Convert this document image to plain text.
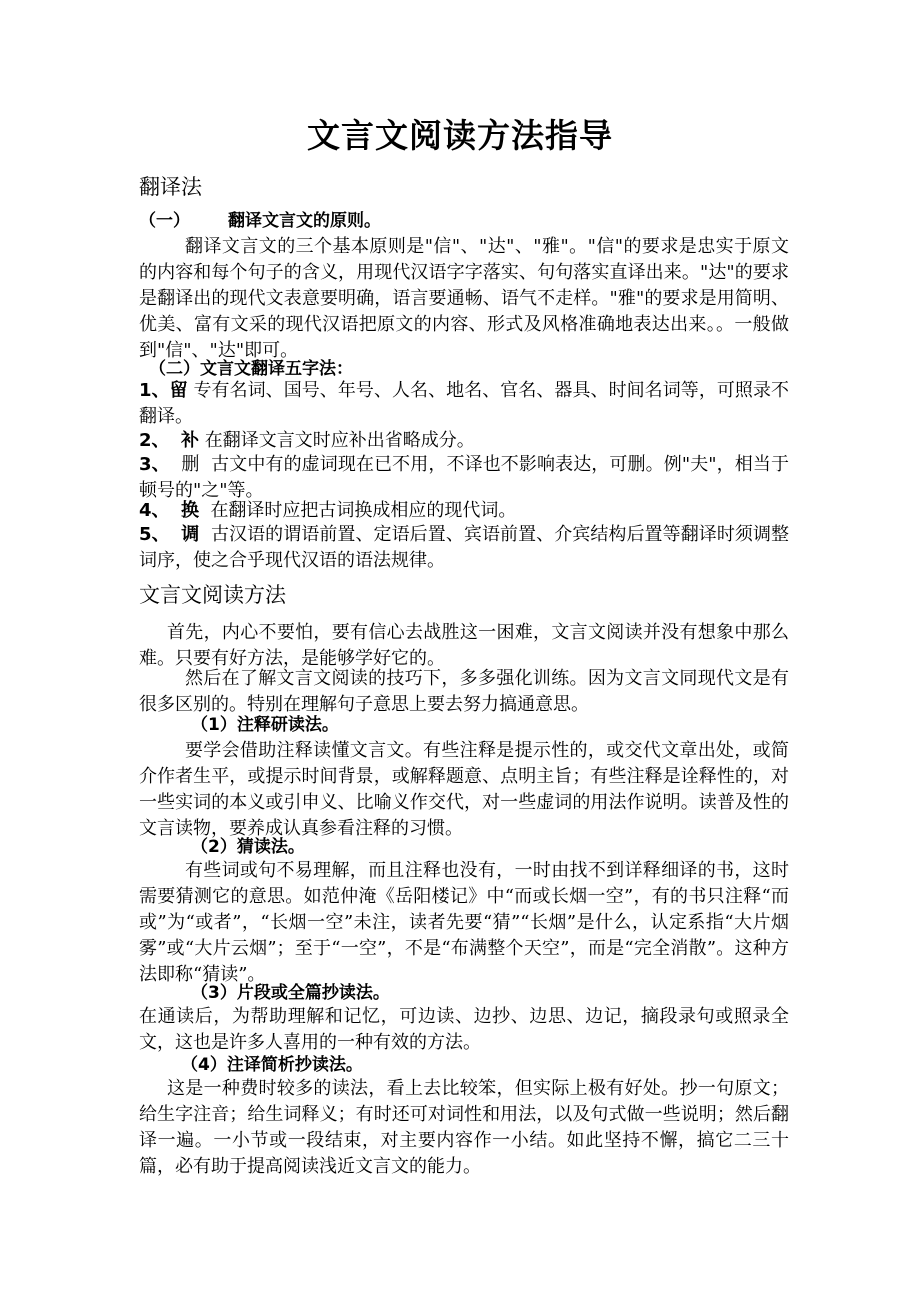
文言文阅读方法指导
翻译法
（一） 翻译文言文的原则。
翻译文言文的三个基本原则是"信"、"达"、"雅"。"信"的要求是忠实于原文的内容和每个句子的含义，用现代汉语字字落实、句句落实直译出来。"达"的要求是翻译出的现代文表意要明确，语言要通畅、语气不走样。"雅"的要求是用简明、优美、富有文采的现代汉语把原文的内容、形式及风格准确地表达出来。。一般做到"信"、"达"即可。
（二）文言文翻译五字法：
1、留 专有名词、国号、年号、人名、地名、官名、器具、时间名词等，可照录不翻译。
2、 补 在翻译文言文时应补出省略成分。
3、 删 古文中有的虚词现在已不用，不译也不影响表达，可删。例"夫"，相当于顿号的"之"等。
4、 换 在翻译时应把古词换成相应的现代词。
5、 调 古汉语的谓语前置、定语后置、宾语前置、介宾结构后置等翻译时须调整词序，使之合乎现代汉语的语法规律。
文言文阅读方法
首先，内心不要怕，要有信心去战胜这一困难，文言文阅读并没有想象中那么难。只要有好方法，是能够学好它的。
然后在了解文言文阅读的技巧下，多多强化训练。因为文言文同现代文是有很多区别的。特别在理解句子意思上要去努力搞通意思。
（1）注释研读法。
要学会借助注释读懂文言文。有些注释是提示性的，或交代文章出处，或简介作者生平，或提示时间背景，或解释题意、点明主旨；有些注释是诠释性的，对一些实词的本义或引申义、比喻义作交代，对一些虚词的用法作说明。读普及性的文言读物，要养成认真参看注释的习惯。
（2）猜读法。
有些词或句不易理解，而且注释也没有，一时由找不到详释细译的书，这时需要猜测它的意思。如范仲淹《岳阳楼记》中“而或长烟一空”，有的书只注释“而或”为“或者”，“长烟一空”未注，读者先要“猜”“长烟”是什么，认定系指“大片烟雾”或“大片云烟”；至于“一空”，不是“布满整个天空”，而是“完全消散”。这种方法即称“猜读”。
（3）片段或全篇抄读法。
在通读后，为帮助理解和记忆，可边读、边抄、边思、边记，摘段录句或照录全文，这也是许多人喜用的一种有效的方法。
（4）注译简析抄读法。
这是一种费时较多的读法，看上去比较笨，但实际上极有好处。抄一句原文；给生字注音；给生词释义；有时还可对词性和用法，以及句式做一些说明；然后翻译一遍。一小节或一段结束，对主要内容作一小结。如此坚持不懈，搞它二三十篇，必有助于提高阅读浅近文言文的能力。
